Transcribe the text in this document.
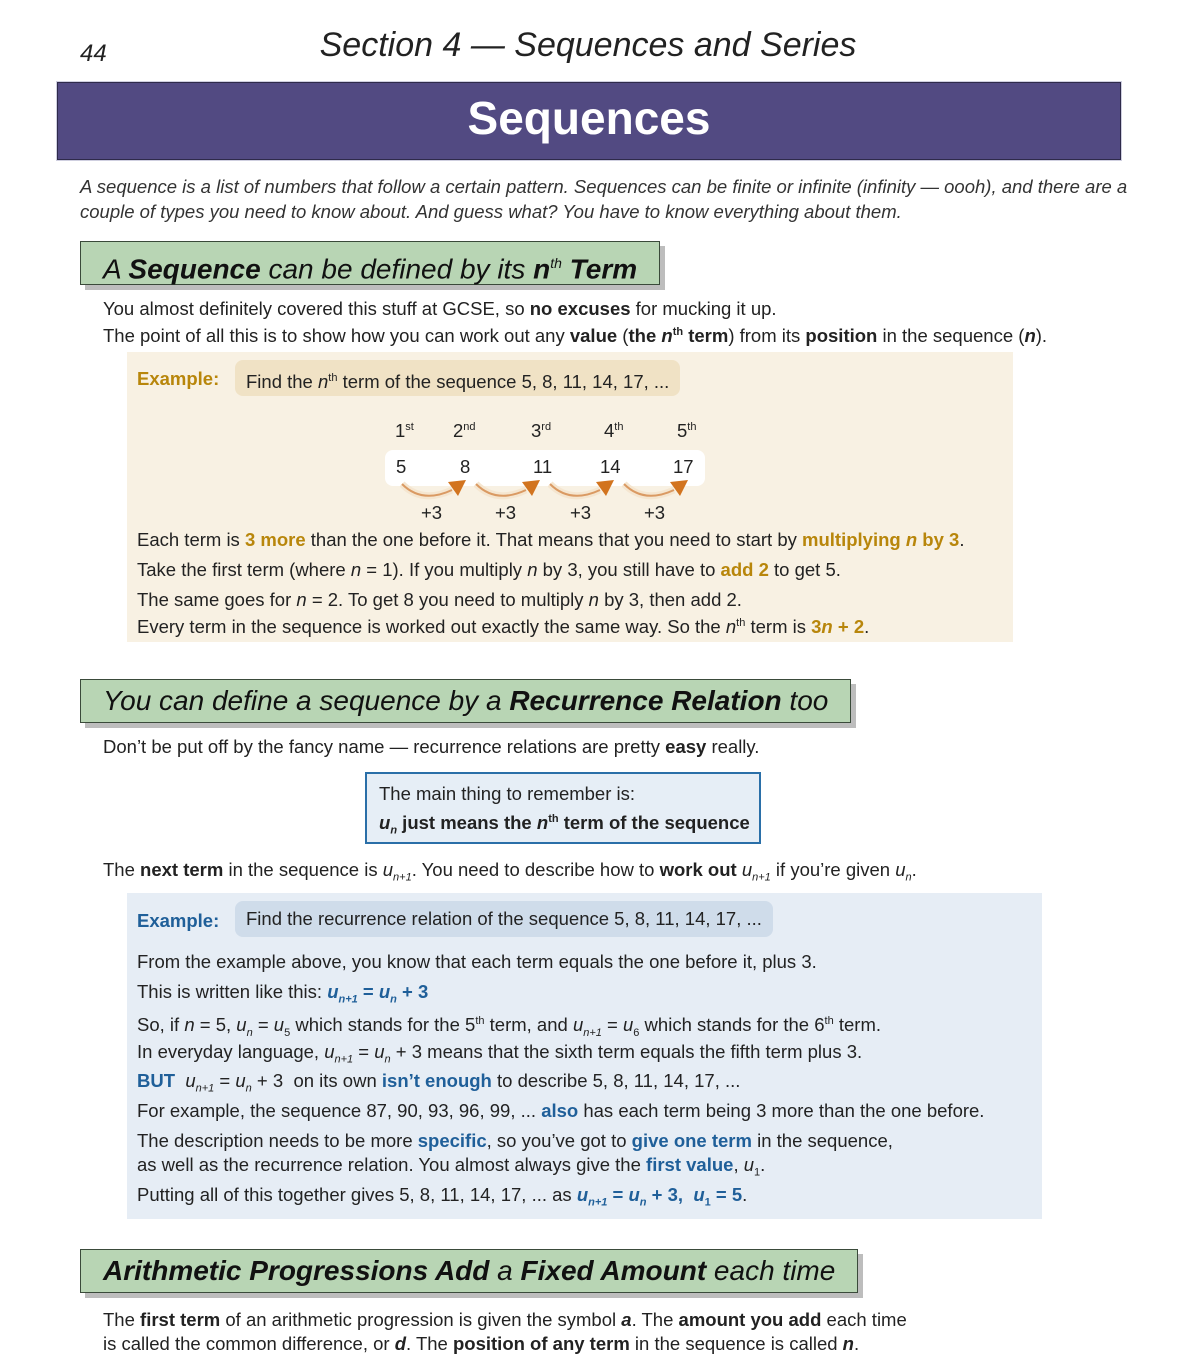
44	Section 4 — Sequences and Series
Sequences
A sequence is a list of numbers that follow a certain pattern. Sequences can be finite or infinite (infinity — oooh), and there are a couple of types you need to know about. And guess what? You have to know everything about them.
A Sequence can be defined by its $n^{th}$ Term
You almost definitely covered this stuff at GCSE, so no excuses for mucking it up.
The point of all this is to show how you can work out any value (the $n^{th}$ term) from its position in the sequence (n).
Example:	Find the $n^{th}$ term of the sequence 5, 8, 11, 14, 17, ...
1st 2nd	3rd	4th	5th
5	8	11	14	17
+3	+3	+3	+3
Each term is 3 more than the one before it. That means that you need to start by multiplying n by 3.
Take the first term (where n = 1). If you multiply n by 3, you still have to add 2 to get 5.
The same goes for n = 2. To get 8 you need to multiply n by 3, then add 2.
Every term in the sequence is worked out exactly the same way. So the $n^{th}$ term is 3n + 2.
You can define a sequence by a Recurrence Relation too
Don’t be put off by the fancy name — recurrence relations are pretty easy really.
The main thing to remember is:
$u_n$ just means the $n^{th}$ term of the sequence
The next term in the sequence is $u_{n+1}$. You need to describe how to work out $u_{n+1}$ if you’re given $u_n$.
Example:	Find the recurrence relation of the sequence 5, 8, 11, 14, 17, ...
From the example above, you know that each term equals the one before it, plus 3.
This is written like this: $u_{n+1} = u_n + 3$
So, if n = 5, $u_n = u_5$ which stands for the 5th term, and $u_{n+1} = u_6$ which stands for the 6th term.
In everyday language, $u_{n+1} = u_n + 3$ means that the sixth term equals the fifth term plus 3.
BUT $u_{n+1} = u_n + 3$  on its own isn’t enough to describe 5, 8, 11, 14, 17, ...
For example, the sequence 87, 90, 93, 96, 99, ... also has each term being 3 more than the one before.
The description needs to be more specific, so you’ve got to give one term in the sequence,
as well as the recurrence relation. You almost always give the first value, $u_1$.
Putting all of this together gives 5, 8, 11, 14, 17, ... as $u_{n+1} = u_n + 3$,  $u_1 = 5$.
Arithmetic Progressions Add a Fixed Amount each time
The first term of an arithmetic progression is given the symbol a. The amount you add each time
is called the common difference, or d. The position of any term in the sequence is called n.
